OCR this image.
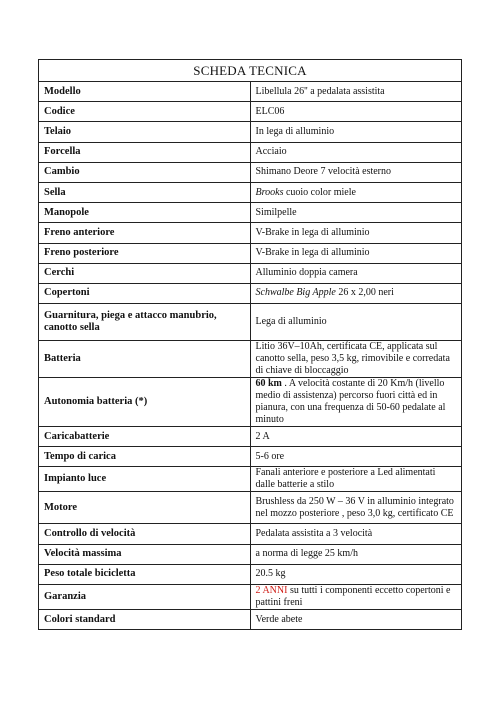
SCHEDA TECNICA	
Modello	Libellula 26'' a pedalata assistita
Codice	ELC06
Telaio	In lega di alluminio
Forcella	Acciaio
Cambio	Shimano Deore 7 velocità esterno
Sella	Brooks cuoio color miele
Manopole	Similpelle
Freno anteriore	V-Brake in lega di alluminio
Freno posteriore	V-Brake in lega di alluminio
Cerchi	Alluminio doppia camera
Copertoni	Schwalbe Big Apple 26 x 2,00 neri
Guarnitura, piega e attacco manubrio, canotto sella	Lega di alluminio
Batteria	Litio 36V–10Ah, certificata CE, applicata sul canotto sella, peso 3,5 kg, rimovibile e corredata di chiave di bloccaggio
Autonomia batteria (*)	60 km . A velocità costante di 20 Km/h (livello medio di assistenza) percorso fuori città ed in pianura, con una frequenza di 50-60 pedalate al minuto
Caricabatterie	2 A
Tempo di carica	5-6 ore
Impianto luce	Fanali anteriore e posteriore a Led alimentati dalle batterie a stilo
Motore	Brushless da 250 W – 36 V in alluminio integrato nel mozzo posteriore , peso 3,0 kg, certificato CE
Controllo di velocità	Pedalata assistita a 3 velocità
Velocità massima	a norma di legge 25 km/h
Peso totale bicicletta	20.5 kg
Garanzia	2 ANNI su tutti i componenti eccetto copertoni e pattini freni
Colori standard	Verde abete
